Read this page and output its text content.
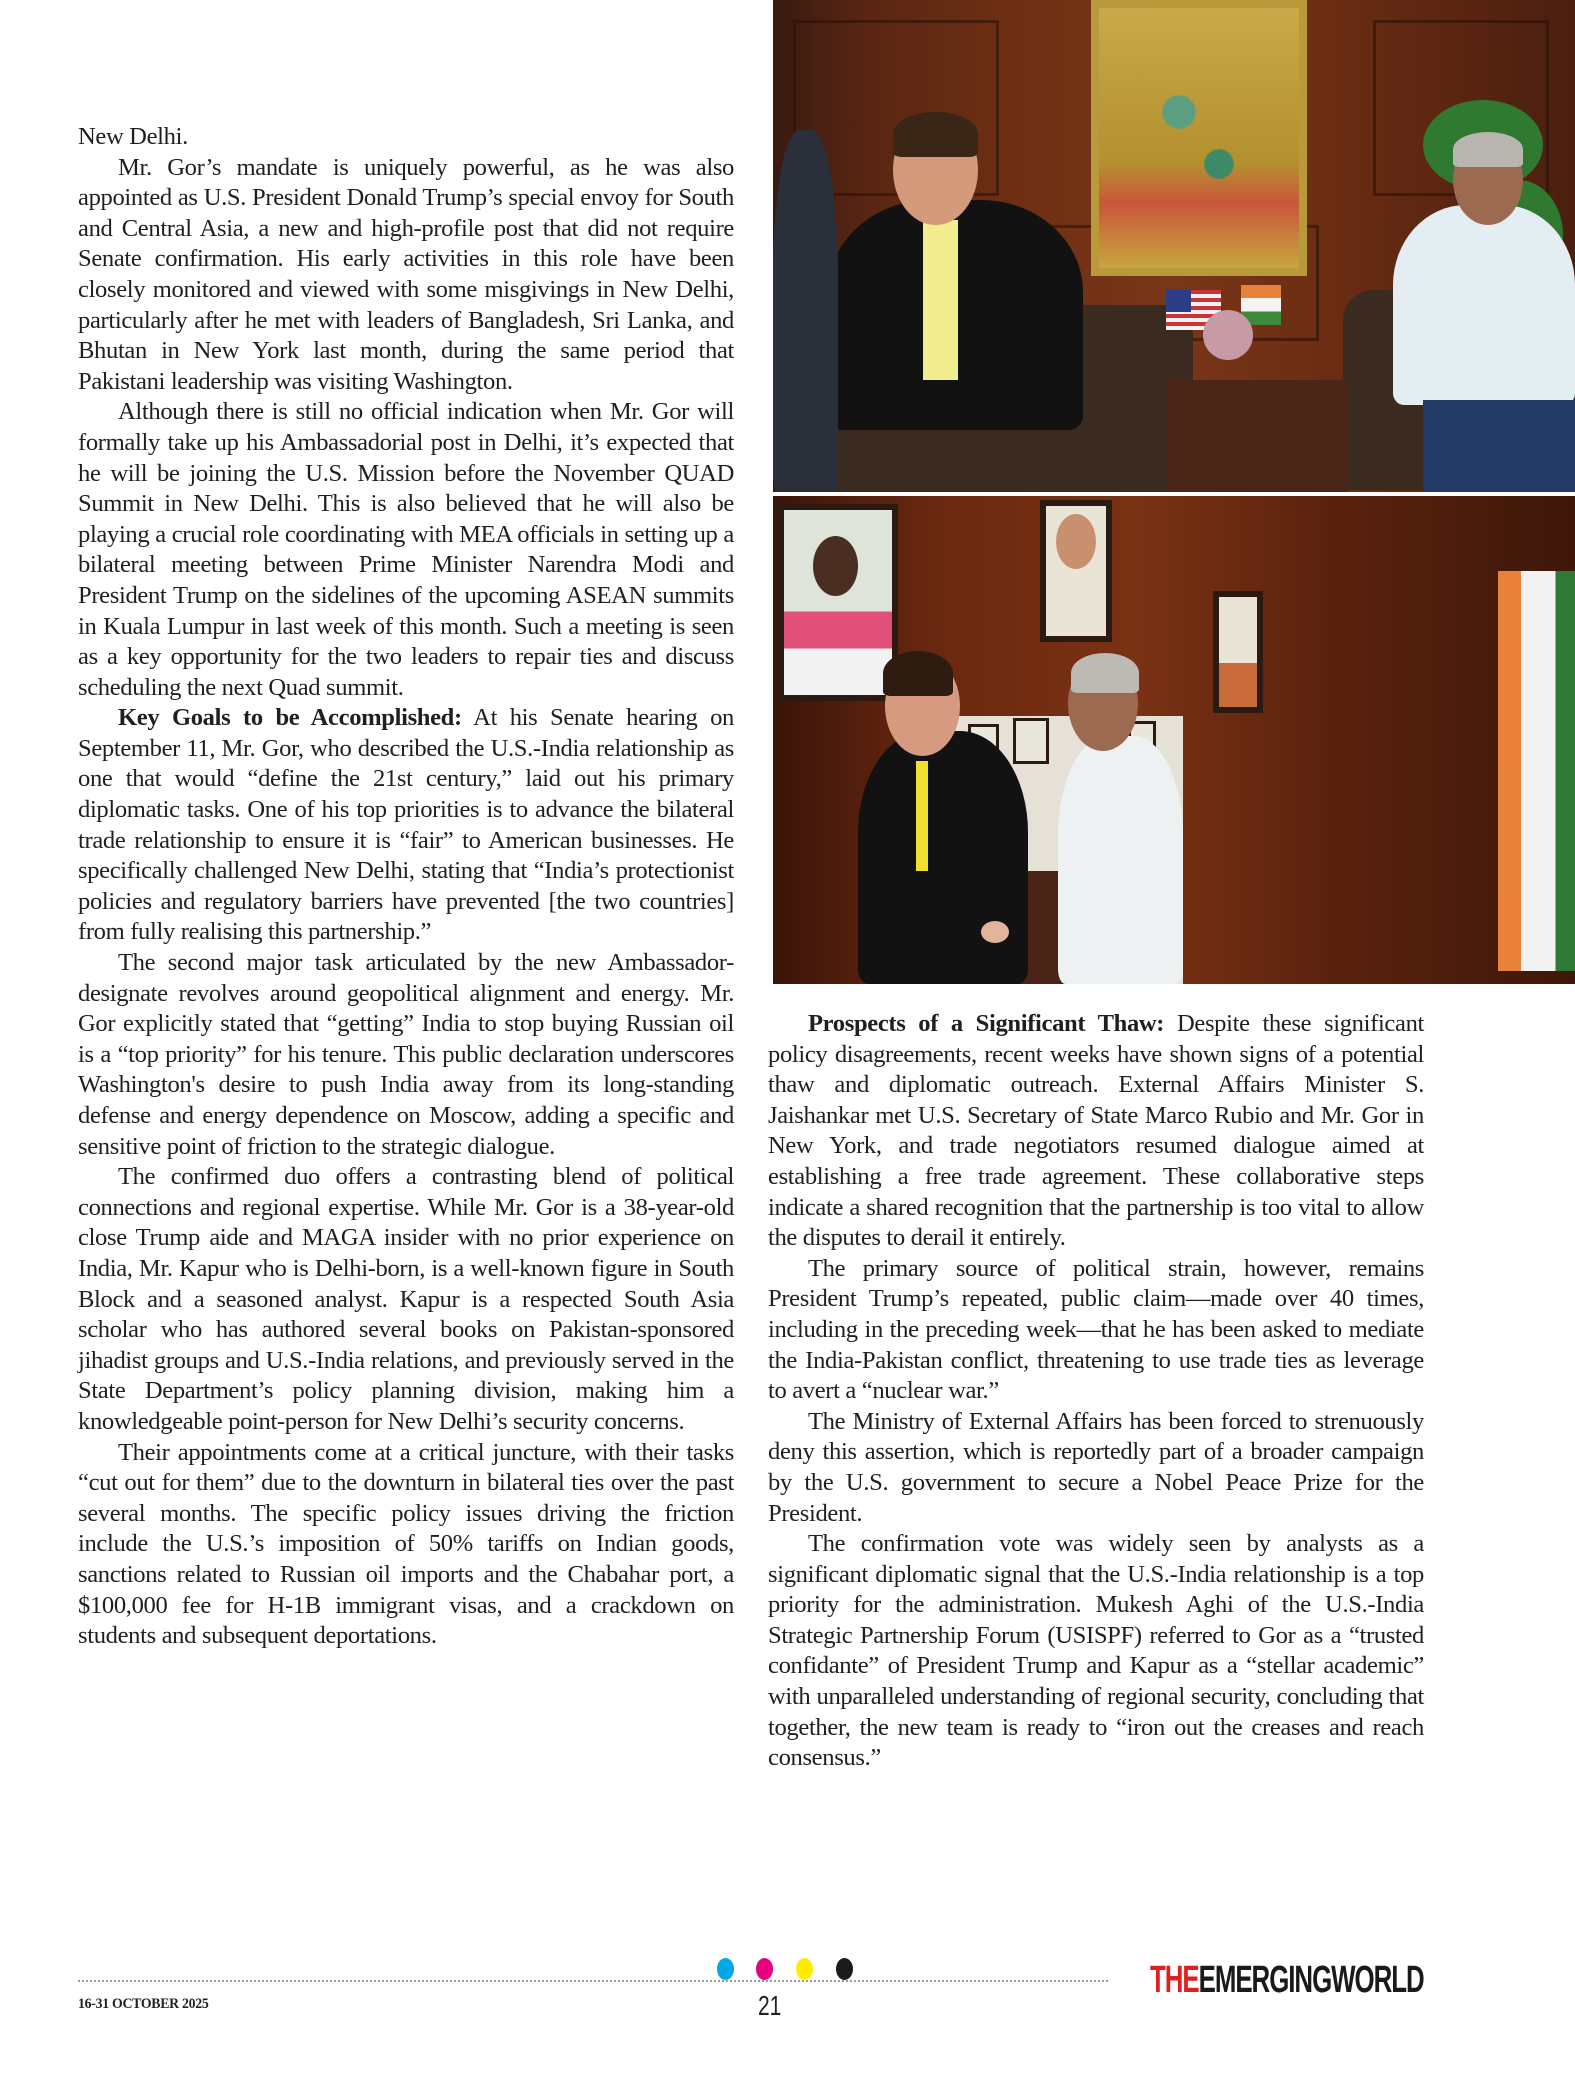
New Delhi.

Mr. Gor’s mandate is uniquely powerful, as he was also appointed as U.S. President Donald Trump’s special envoy for South and Central Asia, a new and high-profile post that did not require Senate confirmation. His early activities in this role have been closely monitored and viewed with some misgivings in New Delhi, particularly after he met with leaders of Bangladesh, Sri Lanka, and Bhutan in New York last month, during the same period that Pakistani leadership was visiting Washington.

Although there is still no official indication when Mr. Gor will formally take up his Ambassadorial post in Delhi, it’s expected that he will be joining the U.S. Mission before the November QUAD Summit in New Delhi. This is also believed that he will also be playing a crucial role coordinating with MEA officials in setting up a bilateral meeting between Prime Minister Narendra Modi and President Trump on the sidelines of the upcoming ASEAN summits in Kuala Lumpur in last week of this month. Such a meeting is seen as a key opportunity for the two leaders to repair ties and discuss scheduling the next Quad summit.

Key Goals to be Accomplished: At his Senate hearing on September 11, Mr. Gor, who described the U.S.-India relationship as one that would “define the 21st century,” laid out his primary diplomatic tasks. One of his top priorities is to advance the bilateral trade relationship to ensure it is “fair” to American businesses. He specifically challenged New Delhi, stating that “India’s protectionist policies and regulatory barriers have prevented [the two countries] from fully realising this partnership.”

The second major task articulated by the new Ambassador-designate revolves around geopolitical alignment and energy. Mr. Gor explicitly stated that “getting” India to stop buying Russian oil is a “top priority” for his tenure. This public declaration underscores Washington's desire to push India away from its long-standing defense and energy dependence on Moscow, adding a specific and sensitive point of friction to the strategic dialogue.

The confirmed duo offers a contrasting blend of political connections and regional expertise. While Mr. Gor is a 38-year-old close Trump aide and MAGA insider with no prior experience on India, Mr. Kapur who is Delhi-born, is a well-known figure in South Block and a seasoned analyst. Kapur is a respected South Asia scholar who has authored several books on Pakistan-sponsored jihadist groups and U.S.-India relations, and previously served in the State Department’s policy planning division, making him a knowledgeable point-person for New Delhi’s security concerns.

Their appointments come at a critical juncture, with their tasks “cut out for them” due to the downturn in bilateral ties over the past several months. The specific policy issues driving the friction include the U.S.’s imposition of 50% tariffs on Indian goods, sanctions related to Russian oil imports and the Chabahar port, a $100,000 fee for H-1B immigrant visas, and a crackdown on students and subsequent deportations.

Prospects of a Significant Thaw: Despite these significant policy disagreements, recent weeks have shown signs of a potential thaw and diplomatic outreach. External Affairs Minister S. Jaishankar met U.S. Secretary of State Marco Rubio and Mr. Gor in New York, and trade negotiators resumed dialogue aimed at establishing a free trade agreement. These collaborative steps indicate a shared recognition that the partnership is too vital to allow the disputes to derail it entirely.

The primary source of political strain, however, remains President Trump’s repeated, public claim—made over 40 times, including in the preceding week—that he has been asked to mediate the India-Pakistan conflict, threatening to use trade ties as leverage to avert a “nuclear war.”

The Ministry of External Affairs has been forced to strenuously deny this assertion, which is reportedly part of a broader campaign by the U.S. government to secure a Nobel Peace Prize for the President.

The confirmation vote was widely seen by analysts as a significant diplomatic signal that the U.S.-India relationship is a top priority for the administration. Mukesh Aghi of the U.S.-India Strategic Partnership Forum (USISPF) referred to Gor as a “trusted confidante” of President Trump and Kapur as a “stellar academic” with unparalleled understanding of regional security, concluding that together, the new team is ready to “iron out the creases and reach consensus.”

16-31 OCTOBER 2025	21
THEEMERGINGWORLD
